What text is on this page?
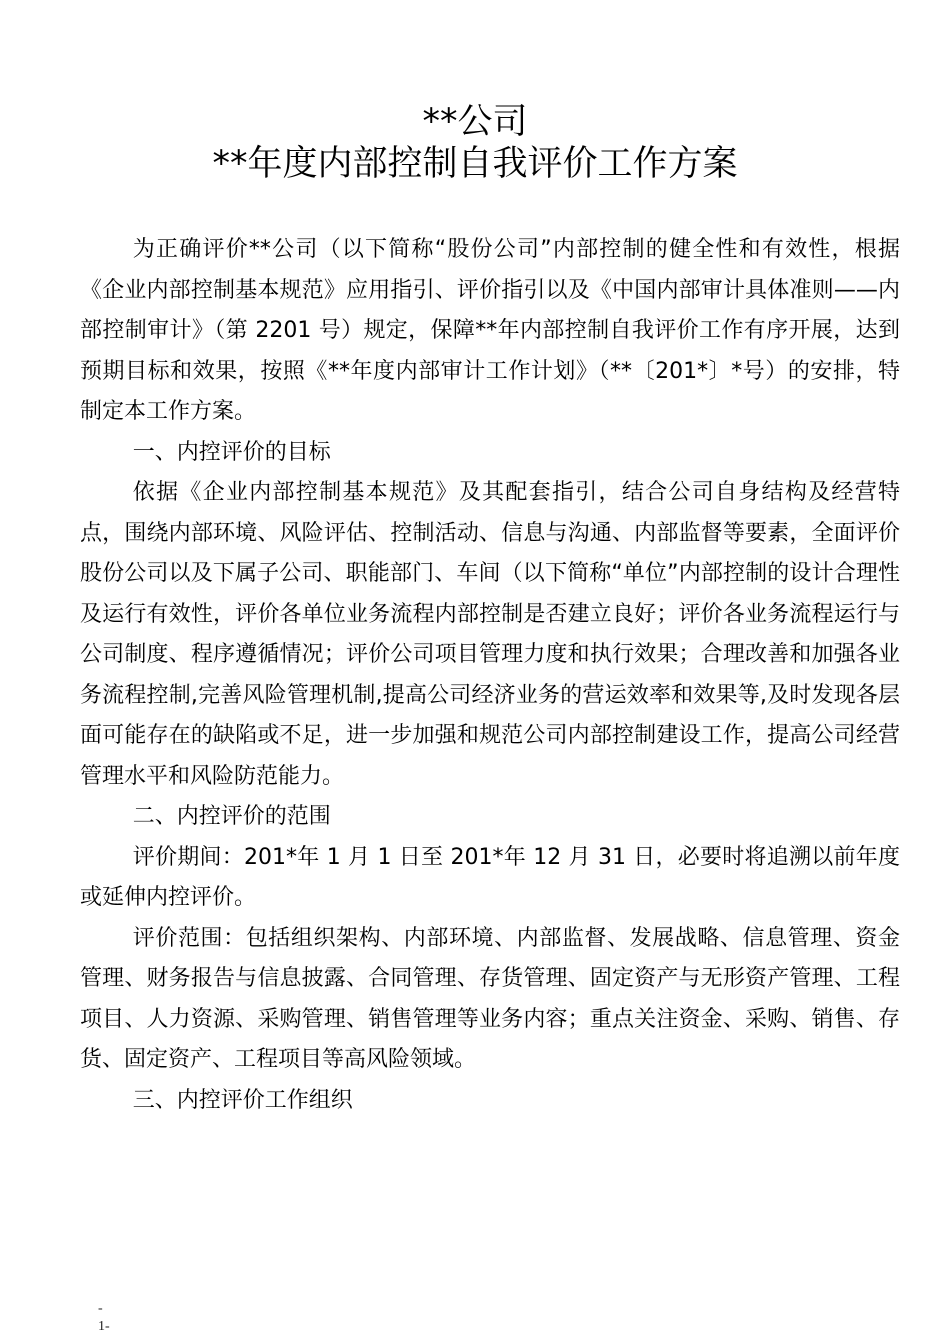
**公司
**年度内部控制自我评价工作方案

为正确评价**公司（以下简称“股份公司”内部控制的健全性和有效性，根据《企业内部控制基本规范》应用指引、评价指引以及《中国内部审计具体准则——内部控制审计》（第 2201 号）规定，保障**年内部控制自我评价工作有序开展，达到预期目标和效果，按照《**年度内部审计工作计划》（**〔201*〕*号）的安排，特制定本工作方案。

一、内控评价的目标

依据《企业内部控制基本规范》及其配套指引，结合公司自身结构及经营特点，围绕内部环境、风险评估、控制活动、信息与沟通、内部监督等要素，全面评价股份公司以及下属子公司、职能部门、车间（以下简称“单位”内部控制的设计合理性及运行有效性，评价各单位业务流程内部控制是否建立良好；评价各业务流程运行与公司制度、程序遵循情况；评价公司项目管理力度和执行效果；合理改善和加强各业务流程控制,完善风险管理机制,提高公司经济业务的营运效率和效果等,及时发现各层面可能存在的缺陷或不足，进一步加强和规范公司内部控制建设工作，提高公司经营管理水平和风险防范能力。

二、内控评价的范围

评价期间：201*年 1 月 1 日至 201*年 12 月 31 日，必要时将追溯以前年度或延伸内控评价。

评价范围：包括组织架构、内部环境、内部监督、发展战略、信息管理、资金管理、财务报告与信息披露、合同管理、存货管理、固定资产与无形资产管理、工程项目、人力资源、采购管理、销售管理等业务内容；重点关注资金、采购、销售、存货、固定资产、工程项目等高风险领域。

三、内控评价工作组织

-
1-
